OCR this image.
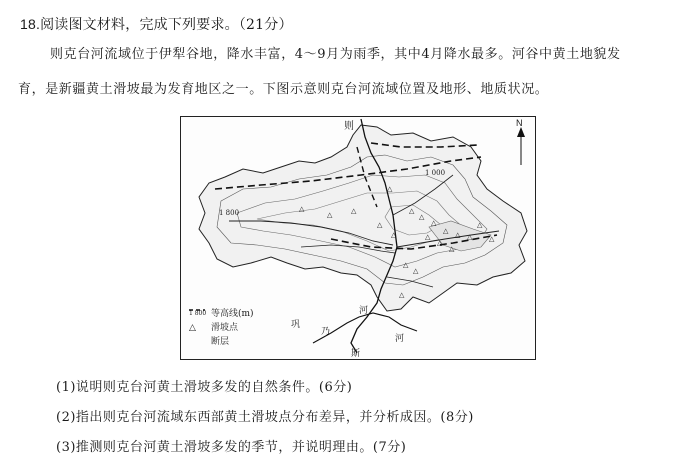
18.阅读图文材料，完成下列要求。（21分）
则克台河流域位于伊犁谷地，降水丰富，4～9月为雨季，其中4月降水最多。河谷中黄土地貌发
育，是新疆黄土滑坡最为发育地区之一。下图示意则克台河流域位置及地形、地质状况。
△
△
△
△ △ △
△
△
△
△
△
△
△
△
△
△
△
△
△
△
则	N
1 000
1 800
巩
乃
河
河
斯
1 800 等高线(m)
△	滑坡点
断层
(1)说明则克台河黄土滑坡多发的自然条件。(6分)
(2)指出则克台河流域东西部黄土滑坡点分布差异，并分析成因。(8分)
(3)推测则克台河黄土滑坡多发的季节，并说明理由。(7分)
